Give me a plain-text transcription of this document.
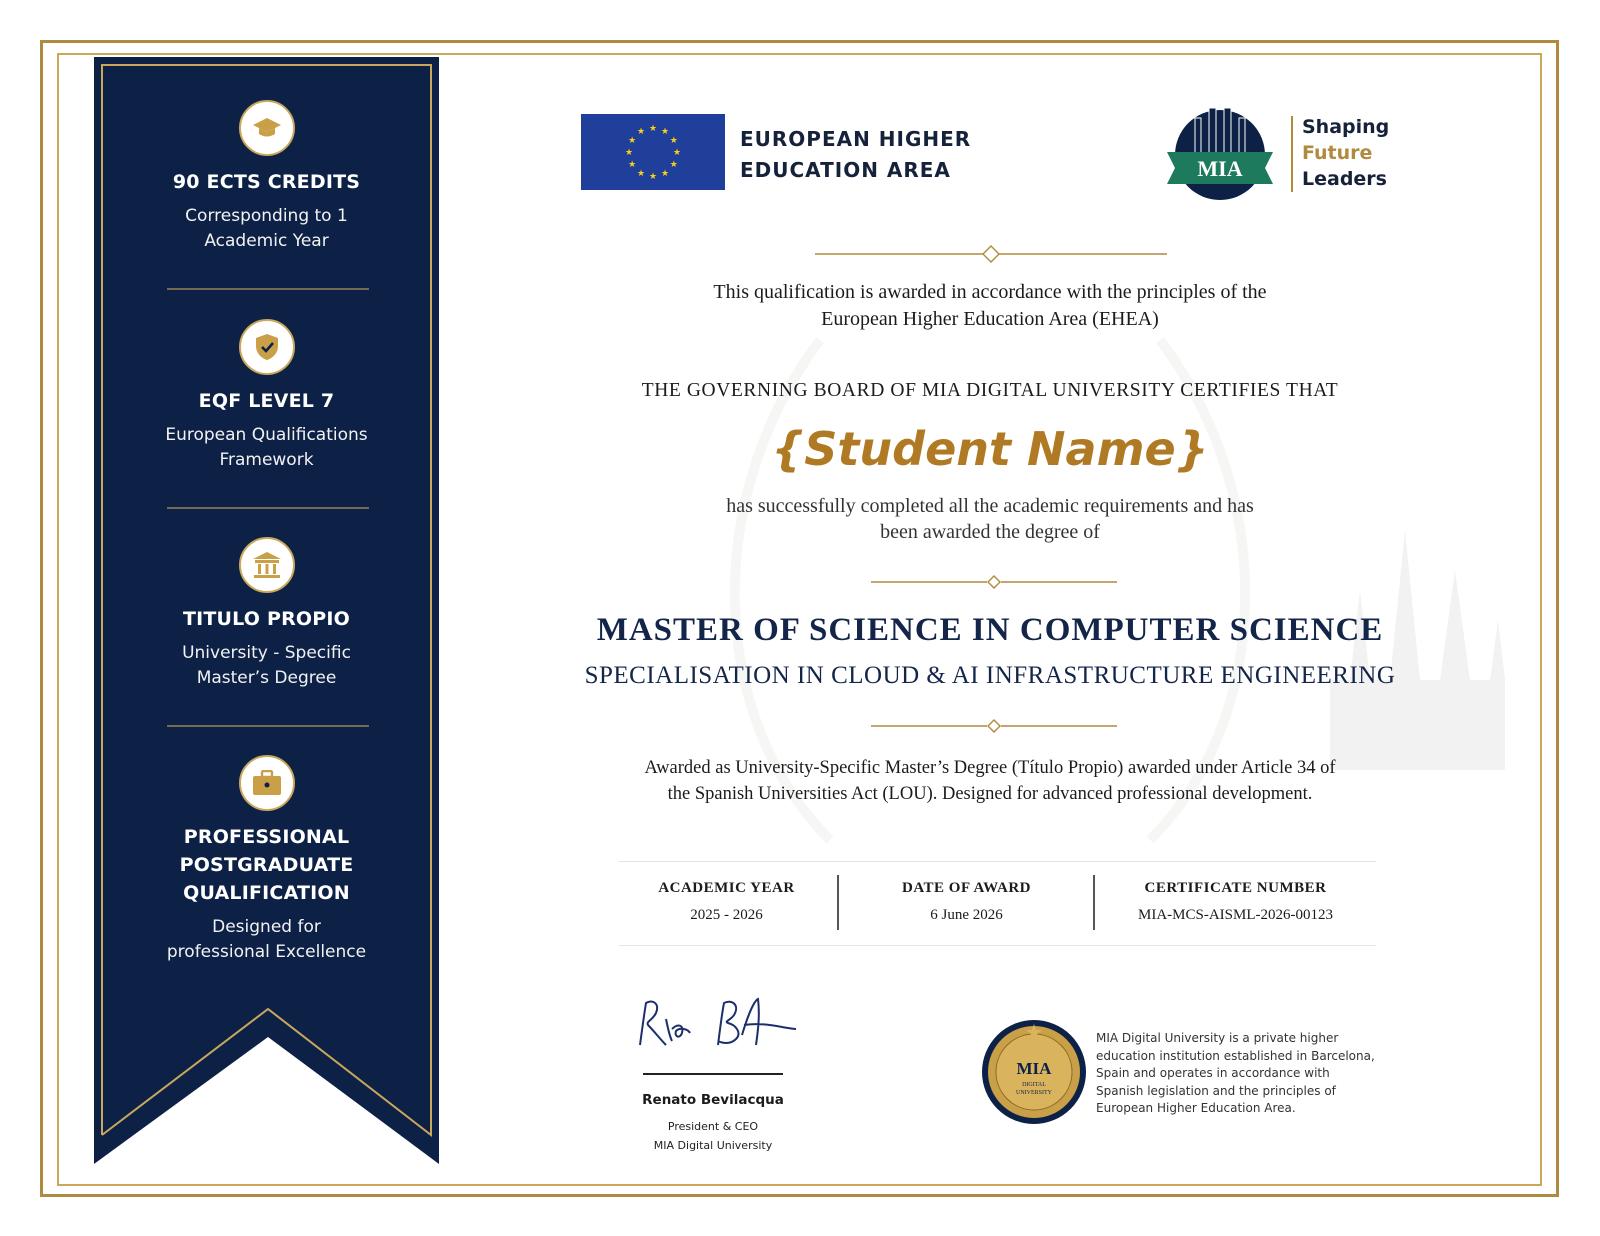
90 ECTS CREDITS
Corresponding to 1
Academic Year
EQF LEVEL 7
European Qualifications
Framework
TITULO PROPIO
University - Specific
Master’s Degree
PROFESSIONAL
POSTGRADUATE
QUALIFICATION
Designed for
professional Excellence
★
★
★
★
★
★
★
★
★ ★ ★
★	EUROPEAN HIGHER
EDUCATION AREA	MIA
Shaping
Future
Leaders
This qualification is awarded in accordance with the principles of the
European Higher Education Area (EHEA)
THE GOVERNING BOARD OF MIA DIGITAL UNIVERSITY CERTIFIES THAT
{Student Name}
has successfully completed all the academic requirements and has
been awarded the degree of
MASTER OF SCIENCE IN COMPUTER SCIENCE
SPECIALISATION IN CLOUD & AI INFRASTRUCTURE ENGINEERING
Awarded as University-Specific Master’s Degree (Título Propio) awarded under Article 34 of
the Spanish Universities Act (LOU). Designed for advanced professional development.
ACADEMIC YEAR
2025 - 2026
DATE OF AWARD
6 June 2026
CERTIFICATE NUMBER
MIA-MCS-AISML-2026-00123
Renato Bevilacqua
President & CEO
MIA Digital University
MIA
DIGITAL
UNIVERSITY
MIA Digital University is a private higher
education institution established in Barcelona,
Spain and operates in accordance with
Spanish legislation and the principles of
European Higher Education Area.
